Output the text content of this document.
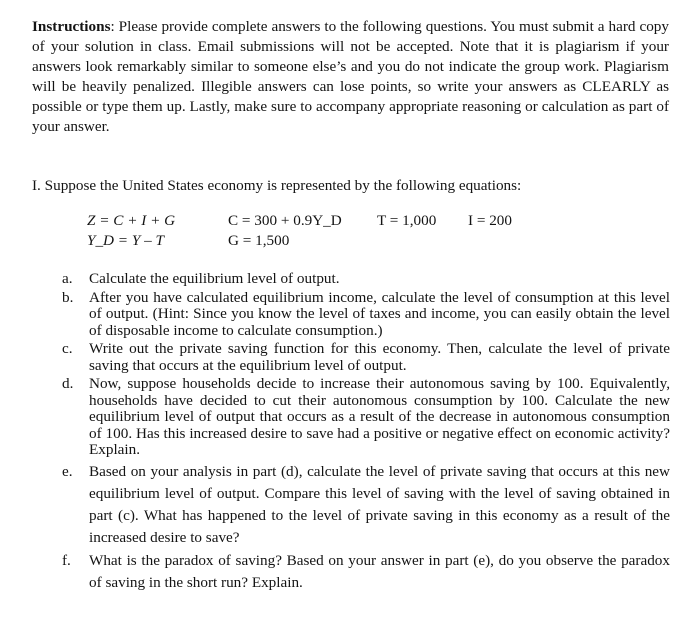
Instructions: Please provide complete answers to the following questions. You must submit a hard copy of your solution in class. Email submissions will not be accepted. Note that it is plagiarism if your answers look remarkably similar to someone else’s and you do not indicate the group work. Plagiarism will be heavily penalized. Illegible answers can lose points, so write your answers as CLEARLY as possible or type them up. Lastly, make sure to accompany appropriate reasoning or calculation as part of your answer.

I. Suppose the United States economy is represented by the following equations:
Z = C + I + G
Y_D = Y – T
C = 300 + 0.9Y_D
G = 1,500
T = 1,000 I = 200
a. Calculate the equilibrium level of output.
b. After you have calculated equilibrium income, calculate the level of consumption at this level of output. (Hint: Since you know the level of taxes and income, you can easily obtain the level of disposable income to calculate consumption.)
c. Write out the private saving function for this economy. Then, calculate the level of private saving that occurs at the equilibrium level of output.
d. Now, suppose households decide to increase their autonomous saving by 100. Equivalently, households have decided to cut their autonomous consumption by 100. Calculate the new equilibrium level of output that occurs as a result of the decrease in autonomous consumption of 100. Has this increased desire to save had a positive or negative effect on economic activity? Explain.
e. Based on your analysis in part (d), calculate the level of private saving that occurs at this new equilibrium level of output. Compare this level of saving with the level of saving obtained in part (c). What has happened to the level of private saving in this economy as a result of the increased desire to save?
f. What is the paradox of saving? Based on your answer in part (e), do you observe the paradox of saving in the short run? Explain.
